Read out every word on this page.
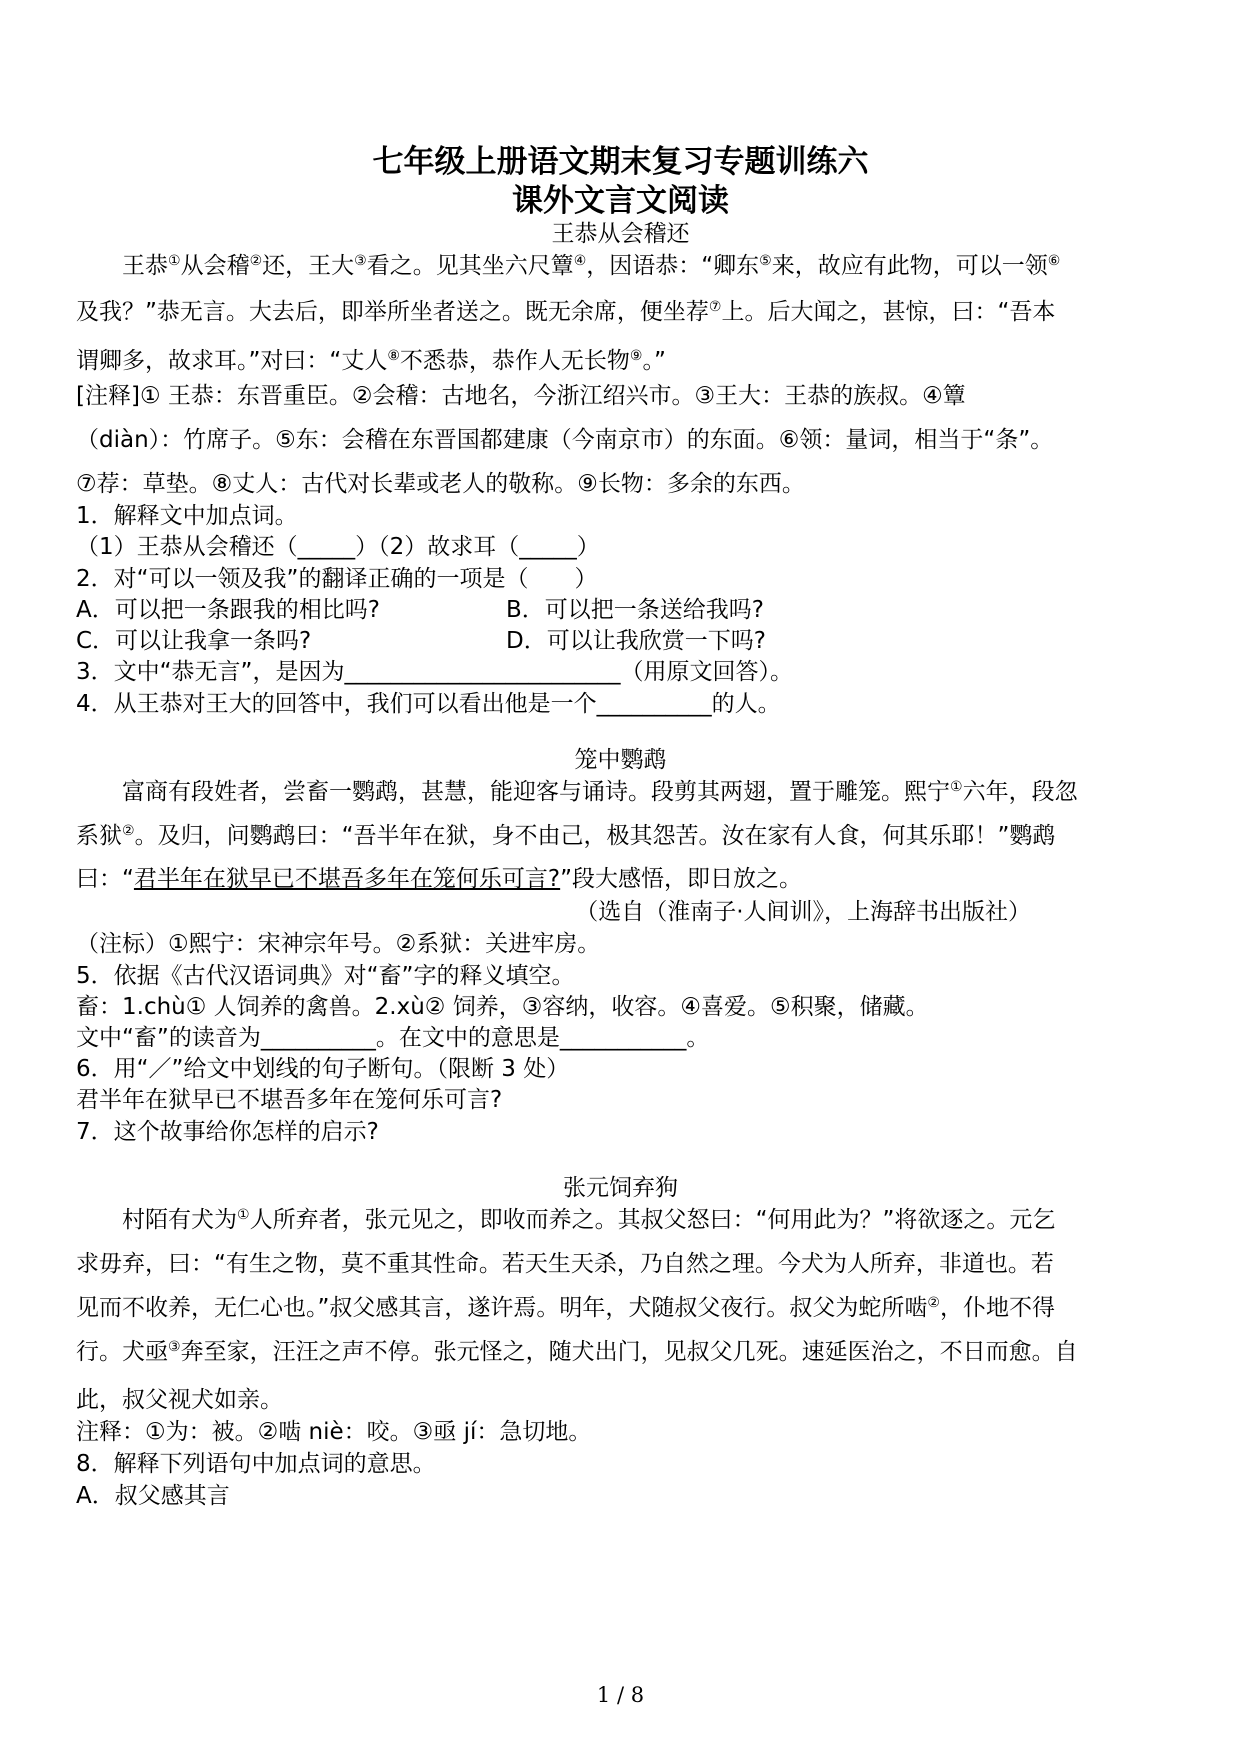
七年级上册语文期末复习专题训练六
课外文言文阅读
王恭从会稽还
王恭①从会稽②还，王大③看之。见其坐六尺簟④，因语恭：“卿东⑤来，故应有此物，可以一领⑥
及我？”恭无言。大去后，即举所坐者送之。既无余席，便坐荐⑦上。后大闻之，甚惊，曰：“吾本
谓卿多，故求耳。”对曰：“丈人⑧不悉恭，恭作人无长物⑨。”
[注释]① 王恭：东晋重臣。②会稽：古地名，今浙江绍兴市。③王大：王恭的族叔。④簟
（diàn）：竹席子。⑤东：会稽在东晋国都建康（今南京市）的东面。⑥领：量词，相当于“条”。
⑦荐：草垫。⑧丈人：古代对长辈或老人的敬称。⑨长物：多余的东西。
1．解释文中加点词。
（1）王恭从会稽还（_____）（2）故求耳（_____）
2．对“可以一领及我”的翻译正确的一项是（　　）
A．可以把一条跟我的相比吗?	B．可以把一条送给我吗?
C．可以让我拿一条吗?	D．可以让我欣赏一下吗?
3．文中“恭无言”，是因为________________________（用原文回答）。
4．从王恭对王大的回答中，我们可以看出他是一个__________的人。
笼中鹦鹉
富商有段姓者，尝畜一鹦鹉，甚慧，能迎客与诵诗。段剪其两翅，置于雕笼。熙宁①六年，段忽
系狱②。及归，问鹦鹉曰：“吾半年在狱，身不由己，极其怨苦。汝在家有人食，何其乐耶！”鹦鹉
曰：“君半年在狱早已不堪吾多年在笼何乐可言?”段大感悟，即日放之。
（选自（淮南子·人间训》，上海辞书出版社）
（注标）①熙宁：宋神宗年号。②系狱：关进牢房。
5．依据《古代汉语词典》对“畜”字的释义填空。
畜：1.chù① 人饲养的禽兽。2.xù② 饲养，③容纳，收容。④喜爱。⑤积聚，储藏。
文中“畜”的读音为__________。在文中的意思是___________。
6．用“／”给文中划线的句子断句。（限断 3 处）
君半年在狱早已不堪吾多年在笼何乐可言?
7．这个故事给你怎样的启示?
张元饲弃狗
村陌有犬为①人所弃者，张元见之，即收而养之。其叔父怒曰：“何用此为？”将欲逐之。元乞
求毋弃，曰：“有生之物，莫不重其性命。若天生天杀，乃自然之理。今犬为人所弃，非道也。若
见而不收养，无仁心也。”叔父感其言，遂许焉。明年，犬随叔父夜行。叔父为蛇所啮②，仆地不得
行。犬亟③奔至家，汪汪之声不停。张元怪之，随犬出门，见叔父几死。速延医治之，不日而愈。自
此，叔父视犬如亲。
注释：①为：被。②啮 niè：咬。③亟 jí：急切地。
8．解释下列语句中加点词的意思。
A．叔父感其言
1 / 8
